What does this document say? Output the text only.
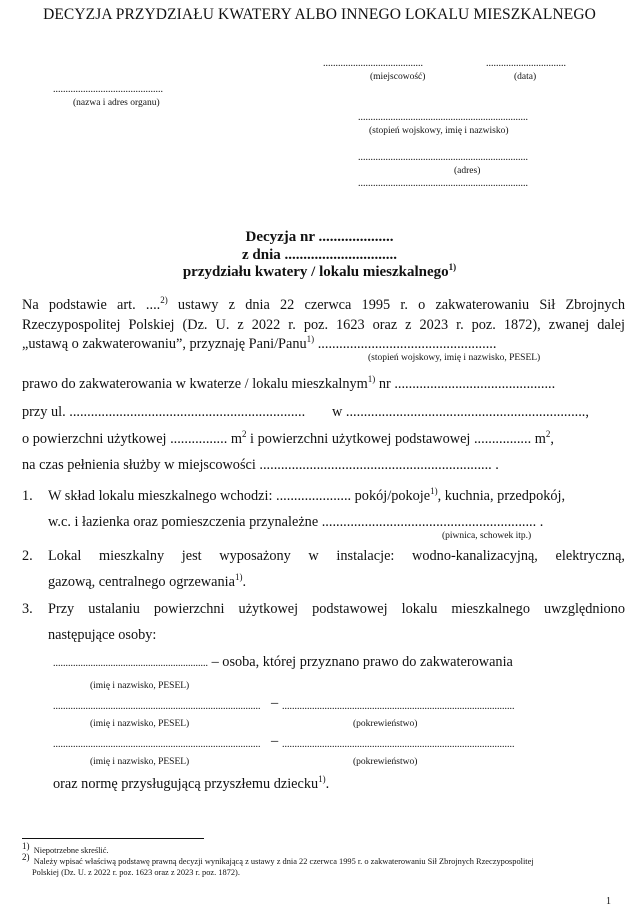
DECYZJA PRZYDZIAŁU KWATERY ALBO INNEGO LOKALU MIESZKALNEGO
........................................
(miejscowość)
................................
(data)
............................................
(nazwa i adres organu)
....................................................................
(stopień wojskowy, imię i nazwisko)
....................................................................
(adres)
....................................................................
Decyzja nr ....................
z dnia ..............................
przydziału kwatery / lokalu mieszkalnego$^{1)}$
Na podstawie art. ....$^{2)}$ ustawy z dnia 22 czerwca 1995 r. o zakwaterowaniu Sił Zbrojnych
Rzeczypospolitej Polskiej (Dz. U. z 2022 r. poz. 1623 oraz z 2023 r. poz. 1872), zwanej dalej
„ustawą o zakwaterowaniu”, przyznaję Pani/Panu$^{1)}$ ..................................................
(stopień wojskowy, imię i nazwisko, PESEL)
prawo do zakwaterowania w kwaterze / lokalu mieszkalnym$^{1)}$ nr .............................................
przy ul. .................................................................. w ...................................................................,
o powierzchni użytkowej ................ $m^2$ i powierzchni użytkowej podstawowej ................ $m^2$,
na czas pełnienia służby w miejscowości ................................................................. .
1. W skład lokalu mieszkalnego wchodzi: ..................... pokój/pokoje$^{1)}$, kuchnia, przedpokój,
w.c. i łazienka oraz pomieszczenia przynależne ............................................................ .
(piwnica, schowek itp.)
2. Lokal mieszkalny jest wyposażony w instalacje: wodno-kanalizacyjną, elektryczną,
gazową, centralnego ogrzewania$^{1)}$.
3. Przy ustalaniu powierzchni użytkowej podstawowej lokalu mieszkalnego uwzględniono
następujące osoby:
.............................................................. – osoba, której przyznano prawo do zakwaterowania
(imię i nazwisko, PESEL)
................................................................................... – .............................................................................................
(imię i nazwisko, PESEL)	(pokrewieństwo)
................................................................................... – .............................................................................................
(imię i nazwisko, PESEL)	(pokrewieństwo)
oraz normę przysługującą przyszłemu dziecku$^{1)}$.
$^{1)}$ Niepotrzebne skreślić.
$^{2)}$ Należy wpisać właściwą podstawę prawną decyzji wynikającą z ustawy z dnia 22 czerwca 1995 r. o zakwaterowaniu Sił Zbrojnych Rzeczypospolitej
Polskiej (Dz. U. z 2022 r. poz. 1623 oraz z 2023 r. poz. 1872).
1
